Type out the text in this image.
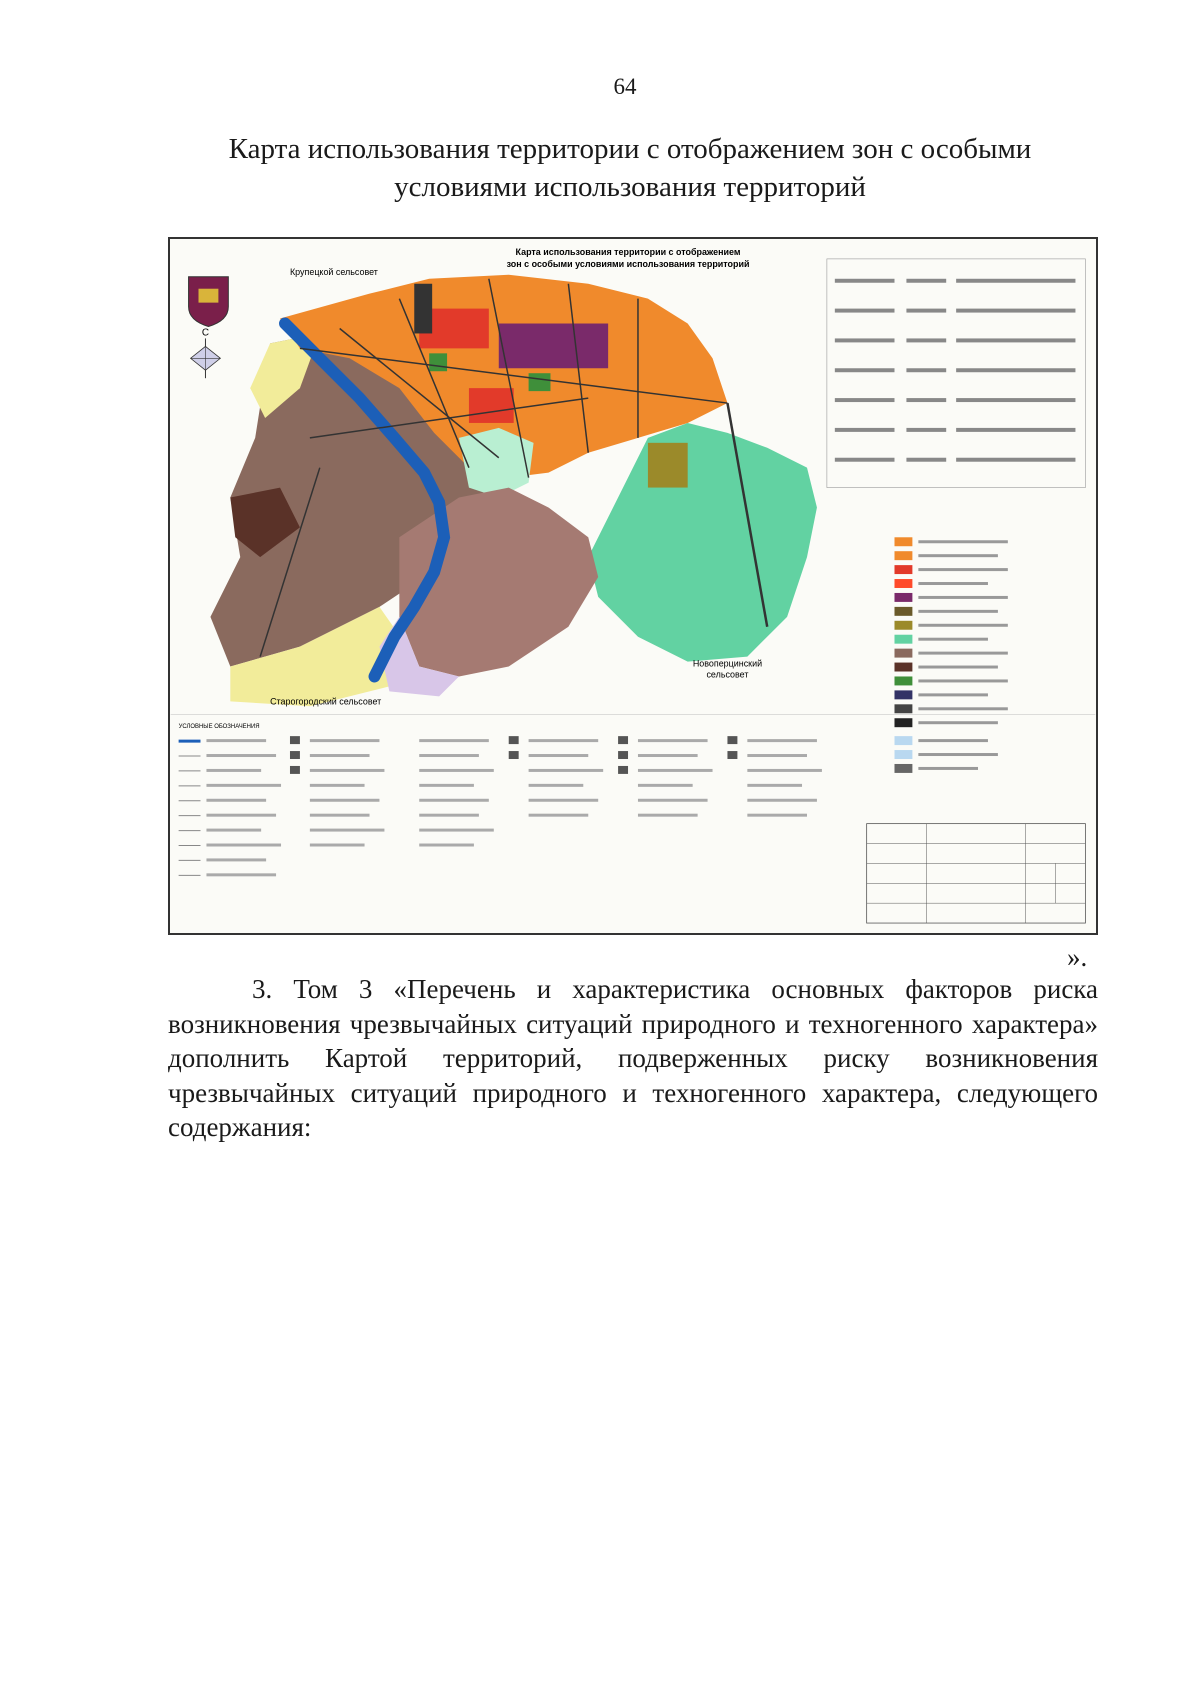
64
Карта использования территории с отображением зон с особыми условиями использования территорий
Карта использования территории с отображением
зон с особыми условиями использования территорий
С
Крупецкой сельсовет
Старогородский сельсовет
Новоперцинский
сельсовет
УСЛОВНЫЕ ОБОЗНАЧЕНИЯ
».

3. Том 3 «Перечень и характеристика основных факторов риска возникновения чрезвычайных ситуаций природного и техногенного характера» дополнить Картой территорий, подверженных риску возникновения чрезвычайных ситуаций природного и техногенного характера, следующего содержания:
